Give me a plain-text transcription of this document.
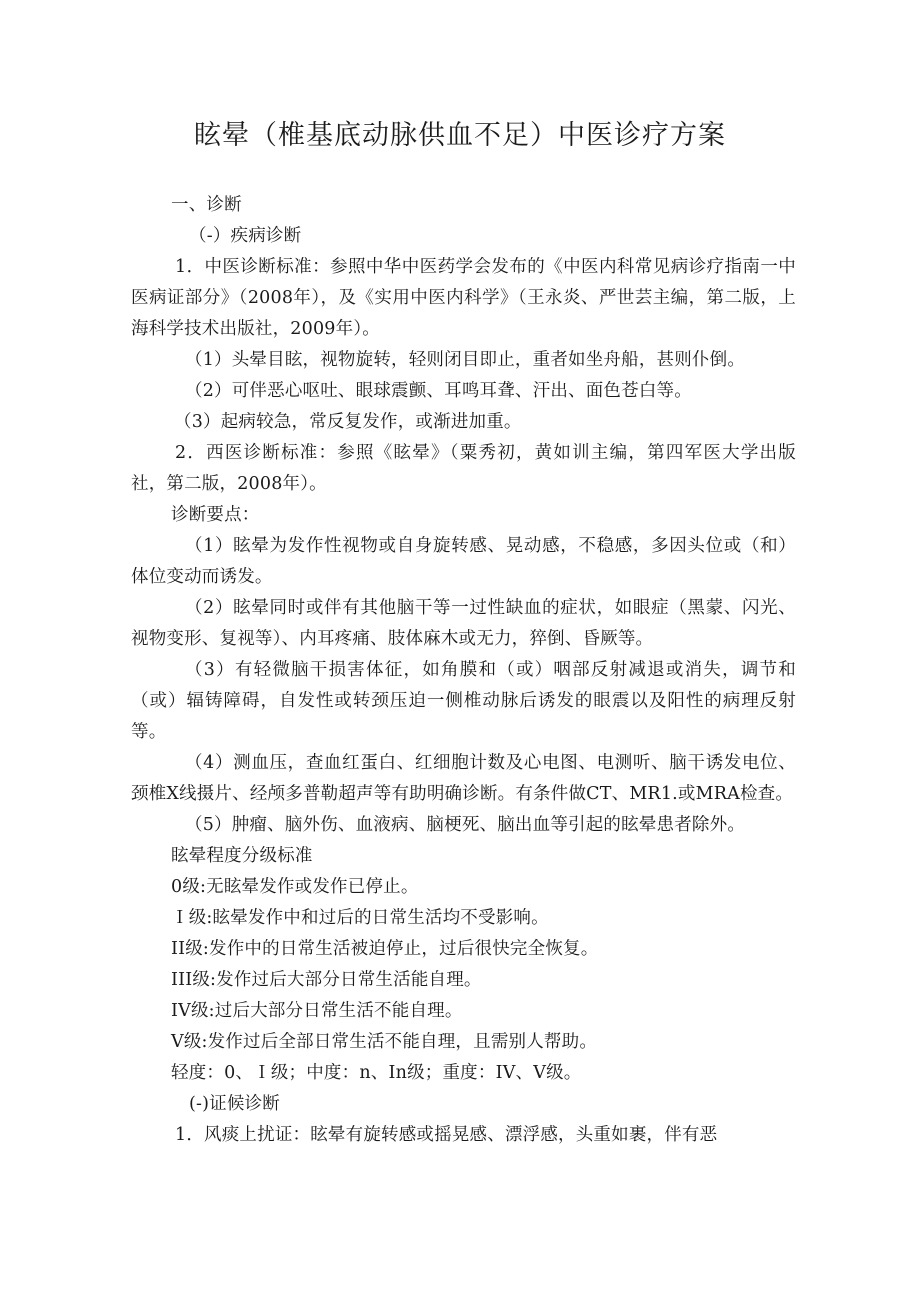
眩晕（椎基底动脉供血不足）中医诊疗方案

一、诊断

（-）疾病诊断

1．中医诊断标准：参照中华中医药学会发布的《中医内科常见病诊疗指南一中医病证部分》（2008年），及《实用中医内科学》（王永炎、严世芸主编，第二版，上海科学技术出版社，2009年）。

（1）头晕目眩，视物旋转，轻则闭目即止，重者如坐舟船，甚则仆倒。

（2）可伴恶心呕吐、眼球震颤、耳鸣耳聋、汗出、面色苍白等。

（3）起病较急，常反复发作，或渐进加重。

2．西医诊断标准：参照《眩晕》（粟秀初，黄如训主编，第四军医大学出版社，第二版，2008年）。

诊断要点：

（1）眩晕为发作性视物或自身旋转感、晃动感，不稳感，多因头位或（和）体位变动而诱发。

（2）眩晕同时或伴有其他脑干等一过性缺血的症状，如眼症（黑蒙、闪光、视物变形、复视等）、内耳疼痛、肢体麻木或无力，猝倒、昏厥等。

（3）有轻微脑干损害体征，如角膜和（或）咽部反射减退或消失，调节和（或）辐铸障碍，自发性或转颈压迫一侧椎动脉后诱发的眼震以及阳性的病理反射等。

（4）测血压，查血红蛋白、红细胞计数及心电图、电测听、脑干诱发电位、颈椎X线摄片、经颅多普勒超声等有助明确诊断。有条件做CT、MR1.或MRA检查。

（5）肿瘤、脑外伤、血液病、脑梗死、脑出血等引起的眩晕患者除外。

眩晕程度分级标准

0级:无眩晕发作或发作已停止。

Ｉ级:眩晕发作中和过后的日常生活均不受影响。

II级:发作中的日常生活被迫停止，过后很快完全恢复。

III级:发作过后大部分日常生活能自理。

IV级:过后大部分日常生活不能自理。

V级:发作过后全部日常生活不能自理，且需别人帮助。

轻度：0、Ｉ级；中度：n、In级；重度：IV、V级。

(-)证候诊断

1．风痰上扰证：眩晕有旋转感或摇晃感、漂浮感，头重如裹，伴有恶
